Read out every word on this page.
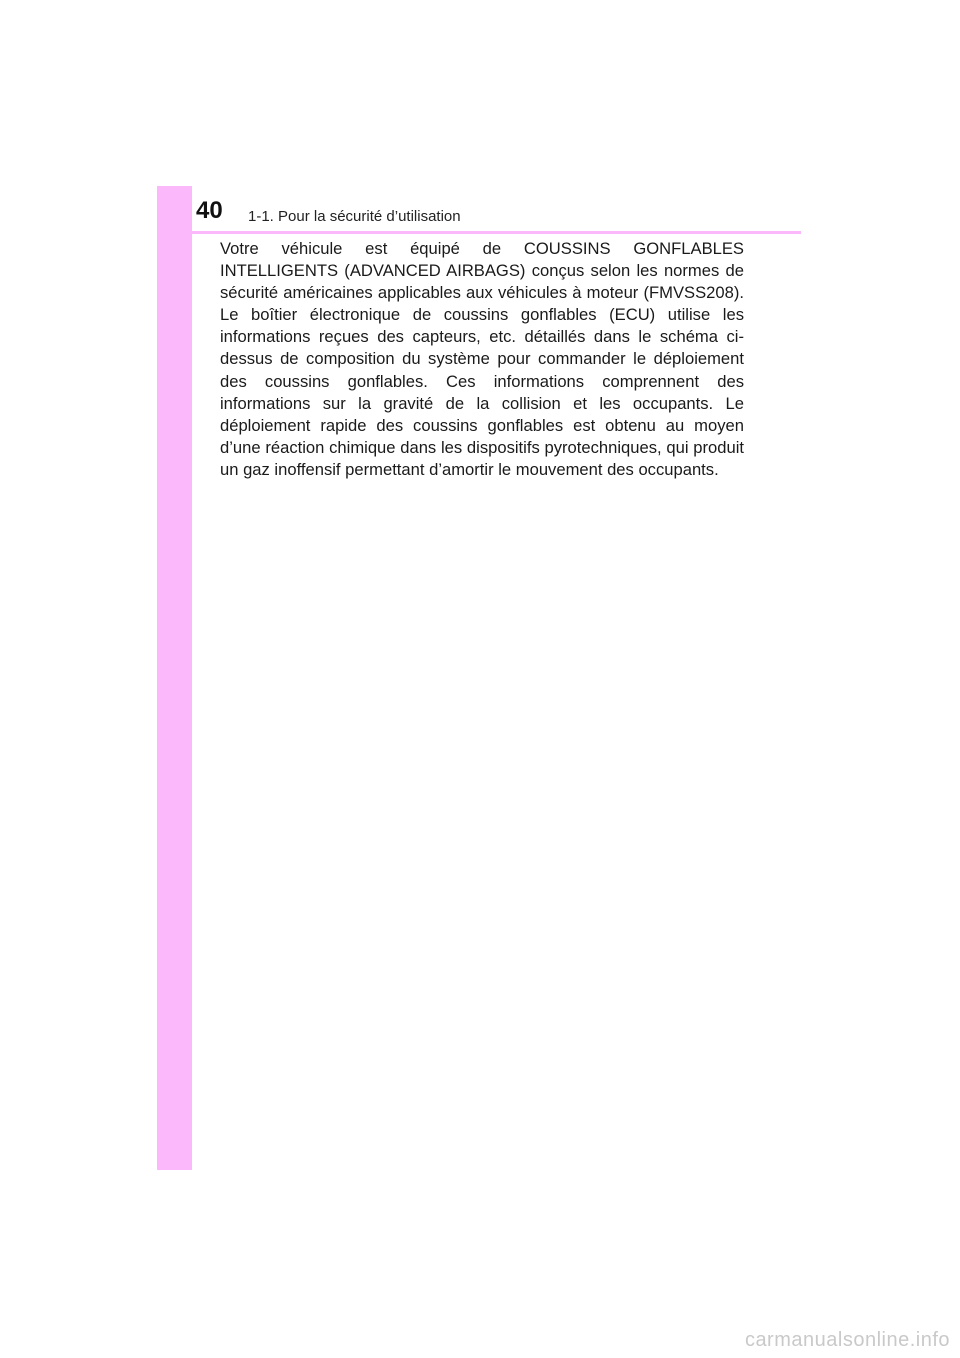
40 1-1. Pour la sécurité d’utilisation

Votre véhicule est équipé de COUSSINS GONFLABLES INTELLIGENTS (ADVANCED AIRBAGS) conçus selon les normes de sécurité américaines applicables aux véhicules à moteur (FMVSS208). Le boîtier électronique de coussins gonflables (ECU) utilise les informations reçues des capteurs, etc. détaillés dans le schéma ci-dessus de composition du système pour commander le déploiement des coussins gonflables. Ces informations comprennent des informations sur la gravité de la collision et les occupants. Le déploiement rapide des coussins gonflables est obtenu au moyen d’une réaction chimique dans les dispositifs pyrotechniques, qui produit un gaz inoffensif permettant d’amortir le mouvement des occupants.

carmanualsonline.info
